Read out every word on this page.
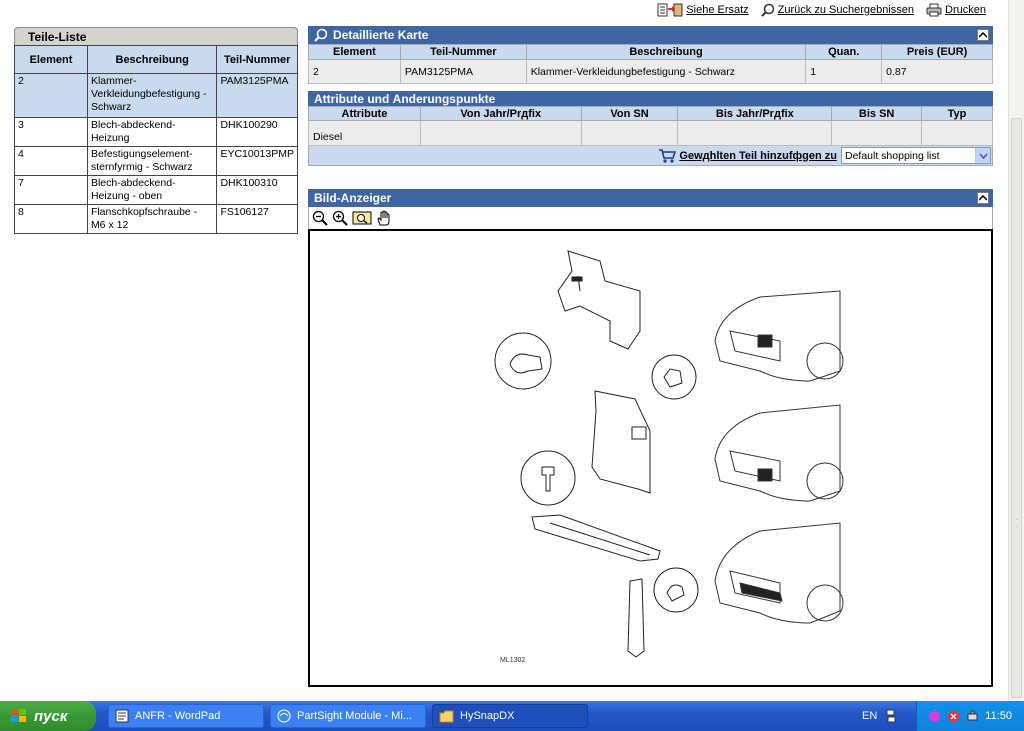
Siehe Ersatz	Zurück zu Suchergebnissen	Drucken
Teile-Liste
Element	Beschreibung	Teil-Nummer
2	Klammer-Verkleidungbefestigung - Schwarz	PAM3125PMA
3	Blech-abdeckend-Heizung	DHK100290
4	Befestigungselement-sternfуrmig - Schwarz	EYC10013PMP
7	Blech-abdeckend-Heizung - oben	DHK100310
8	Flanschkopfschraube - M6 x 12	FS106127
Detaillierte Karte
Element	Teil-Nummer	Beschreibung	Quan.	Preis (EUR)
2	PAM3125PMA	Klammer-Verkleidungbefestigung - Schwarz	1	0.87
Attribute und Аnderungspunkte
Attribute	Von Jahr/Prдfix	Von SN	Bis Jahr/Prдfix	Bis SN	Typ
Diesel					
Gewдhlten Teil hinzufфgen zu Default shopping list
Bild-Anzeiger
ML1302
пуск	ANFR - WordPad	PartSight Module - Mi...	HySnapDX	EN	11:50
